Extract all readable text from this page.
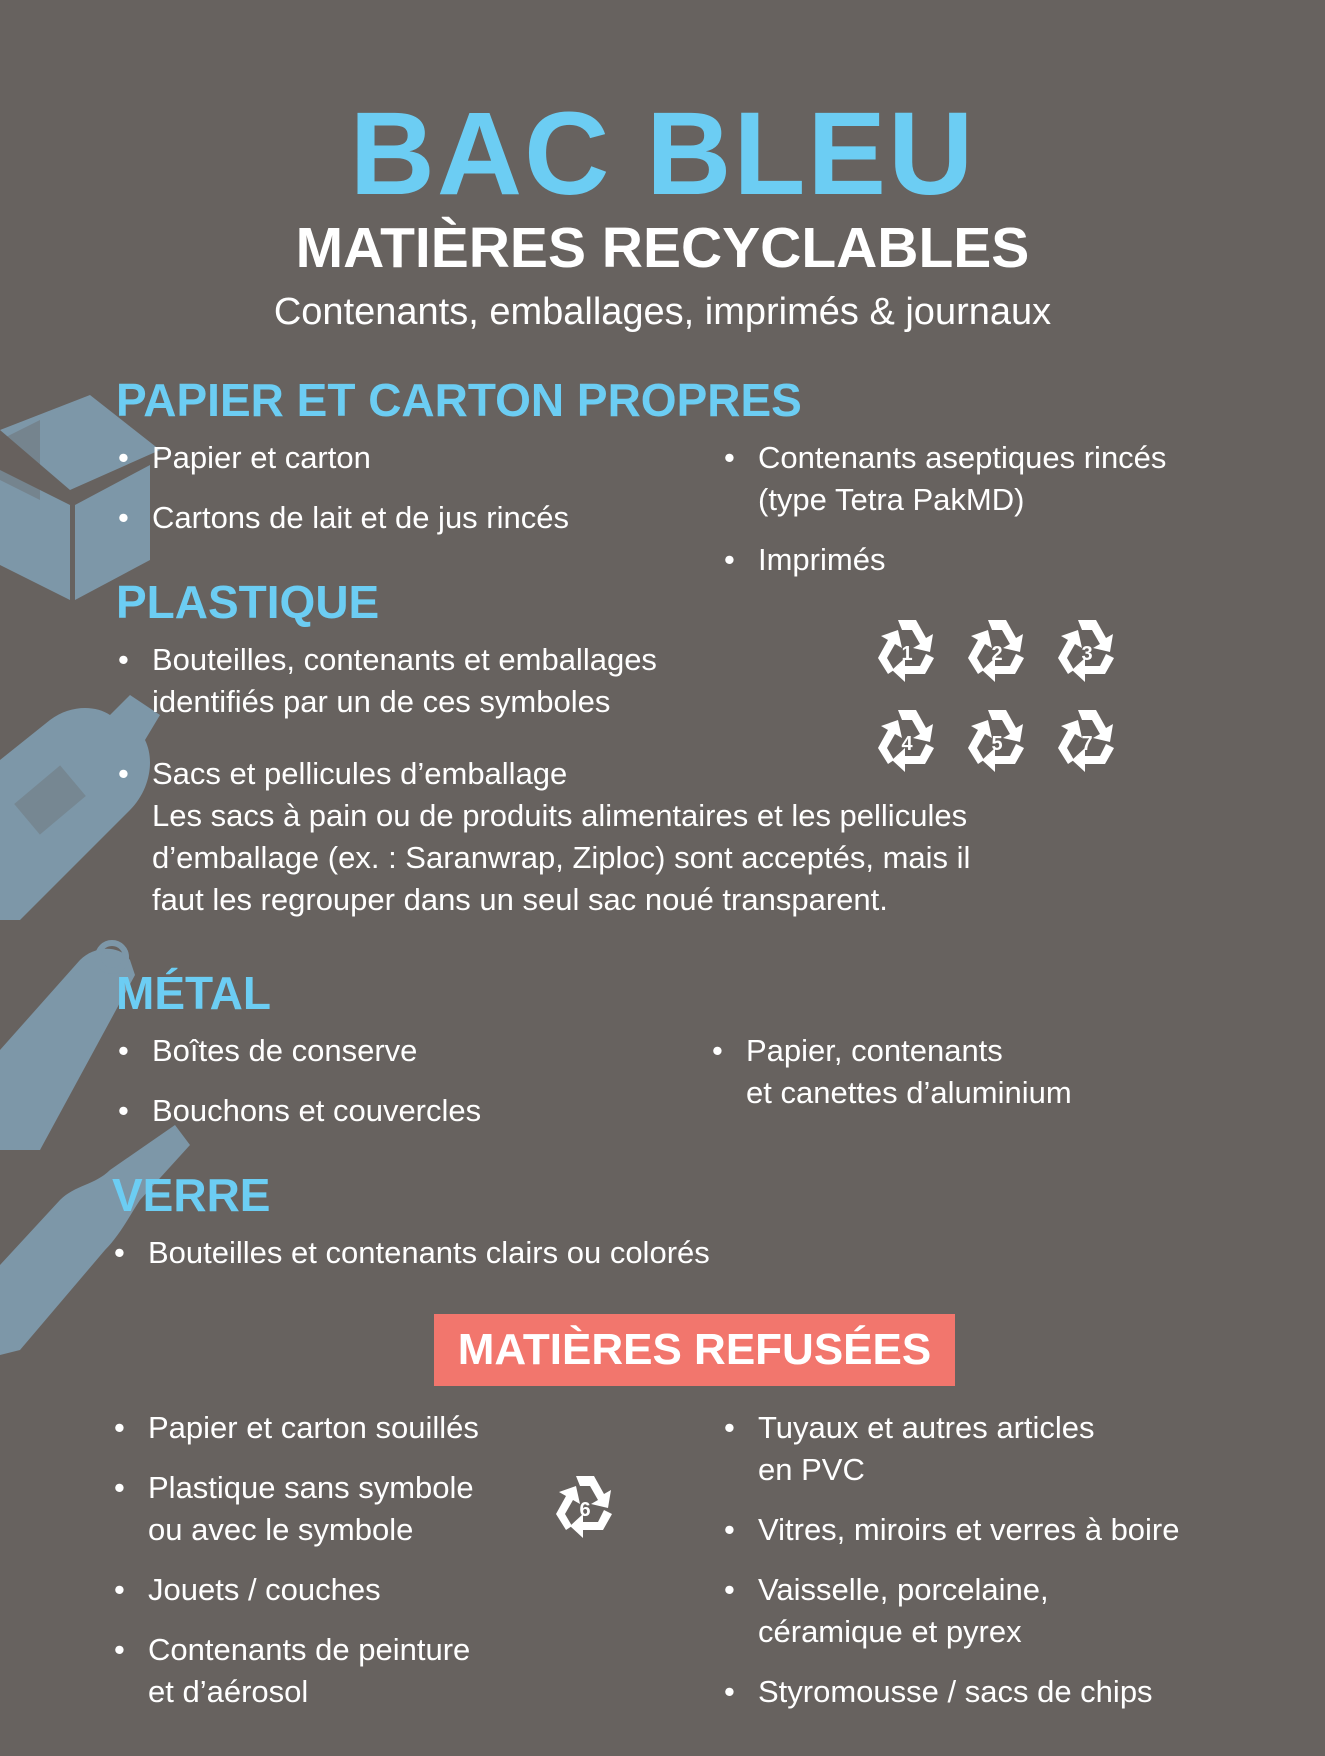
BAC BLEU
MATIÈRES RECYCLABLES
Contenants, emballages, imprimés & journaux
PAPIER ET CARTON PROPRES
• Papier et carton
• Cartons de lait et de jus rincés
• Contenants aseptiques rincés
(type Tetra PakMD)
• Imprimés
PLASTIQUE
• Bouteilles, contenants et emballages
identifiés par un de ces symboles
• Sacs et pellicules d’emballage
Les sacs à pain ou de produits alimentaires et les pellicules
d’emballage (ex. : Saranwrap, Ziploc) sont acceptés, mais il
faut les regrouper dans un seul sac noué transparent.
1	2	3
4	5	7
MÉTAL
• Boîtes de conserve
• Bouchons et couvercles
• Papier, contenants
et canettes d’aluminium
VERRE
• Bouteilles et contenants clairs ou colorés
MATIÈRES REFUSÉES
• Papier et carton souillés
• Plastique sans symbole
ou avec le symbole
• Jouets / couches
• Contenants de peinture
et d’aérosol
6
• Tuyaux et autres articles
en PVC
• Vitres, miroirs et verres à boire
• Vaisselle, porcelaine,
céramique et pyrex
• Styromousse / sacs de chips
